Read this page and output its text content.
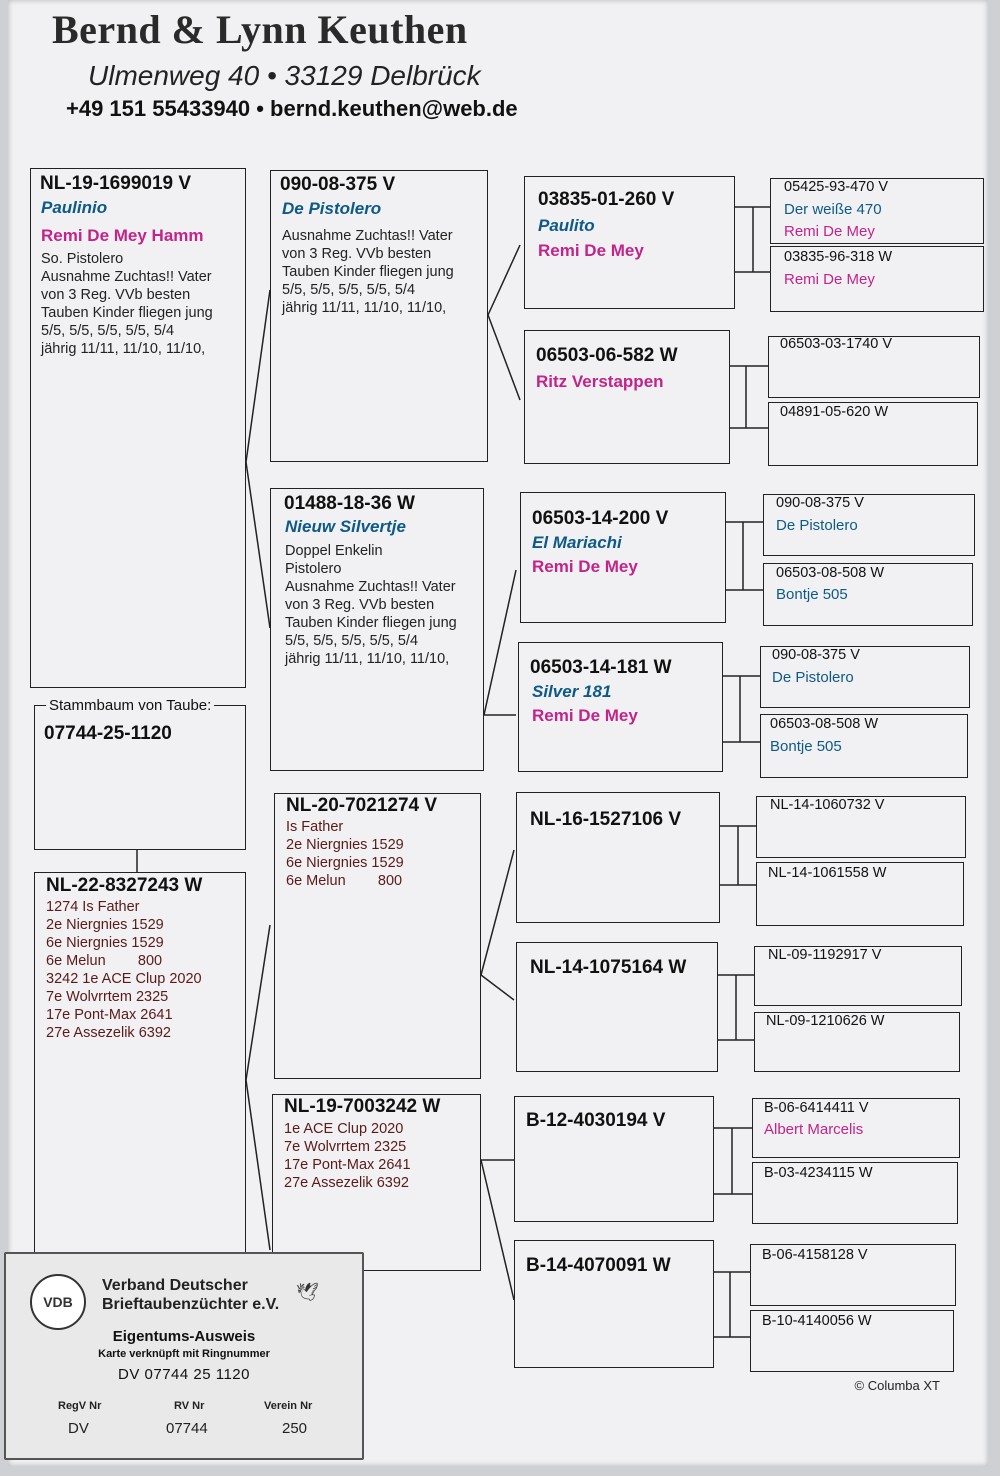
Bernd & Lynn Keuthen
Ulmenweg 40 • 33129 Delbrück
+49 151 55433940 • bernd.keuthen@web.de
NL-19-1699019 V
Paulinio
Remi De Mey Hamm
So. Pistolero
Ausnahme Zuchtas!! Vater
von 3 Reg. VVb besten
Tauben Kinder fliegen jung
5/5, 5/5, 5/5, 5/5, 5/4
jährig 11/11, 11/10, 11/10,
Stammbaum von Taube:
07744-25-1120
NL-22-8327243 W
1274 Is Father
2e Niergnies 1529
6e Niergnies 1529
6e Melun        800
3242 1e ACE Clup 2020
7e Wolvrrtem 2325
17e Pont-Max 2641
27e Assezelik 6392
090-08-375 V
De Pistolero
Ausnahme Zuchtas!! Vater
von 3 Reg. VVb besten
Tauben Kinder fliegen jung
5/5, 5/5, 5/5, 5/5, 5/4
jährig 11/11, 11/10, 11/10,
01488-18-36 W
Nieuw Silvertje
Doppel Enkelin
Pistolero
Ausnahme Zuchtas!! Vater
von 3 Reg. VVb besten
Tauben Kinder fliegen jung
5/5, 5/5, 5/5, 5/5, 5/4
jährig 11/11, 11/10, 11/10,
NL-20-7021274 V
Is Father
2e Niergnies 1529
6e Niergnies 1529
6e Melun        800
NL-19-7003242 W
1e ACE Clup 2020
7e Wolvrrtem 2325
17e Pont-Max 2641
27e Assezelik 6392
03835-01-260 V
Paulito
Remi De Mey
06503-06-582 W
Ritz Verstappen
06503-14-200 V
El Mariachi
Remi De Mey
06503-14-181 W
Silver 181
Remi De Mey
NL-16-1527106 V
NL-14-1075164 W
B-12-4030194 V
B-14-4070091 W
05425-93-470 V
Der weiße 470
Remi De Mey
03835-96-318 W
Remi De Mey
06503-03-1740 V
04891-05-620 W
090-08-375 V
De Pistolero
06503-08-508 W
Bontje 505
090-08-375 V
De Pistolero
06503-08-508 W
Bontje 505
NL-14-1060732 V
NL-14-1061558 W
NL-09-1192917 V
NL-09-1210626 W
B-06-6414411 V
Albert Marcelis
B-03-4234115 W
B-06-4158128 V
B-10-4140056 W
© Columba XT
VDB
Verband Deutscher
Brieftaubenzüchter e.V.
🕊
Eigentums-Ausweis
Karte verknüpft mit Ringnummer
DV 07744 25 1120
RegV Nr	RV Nr	Verein Nr
DV	07744	250
